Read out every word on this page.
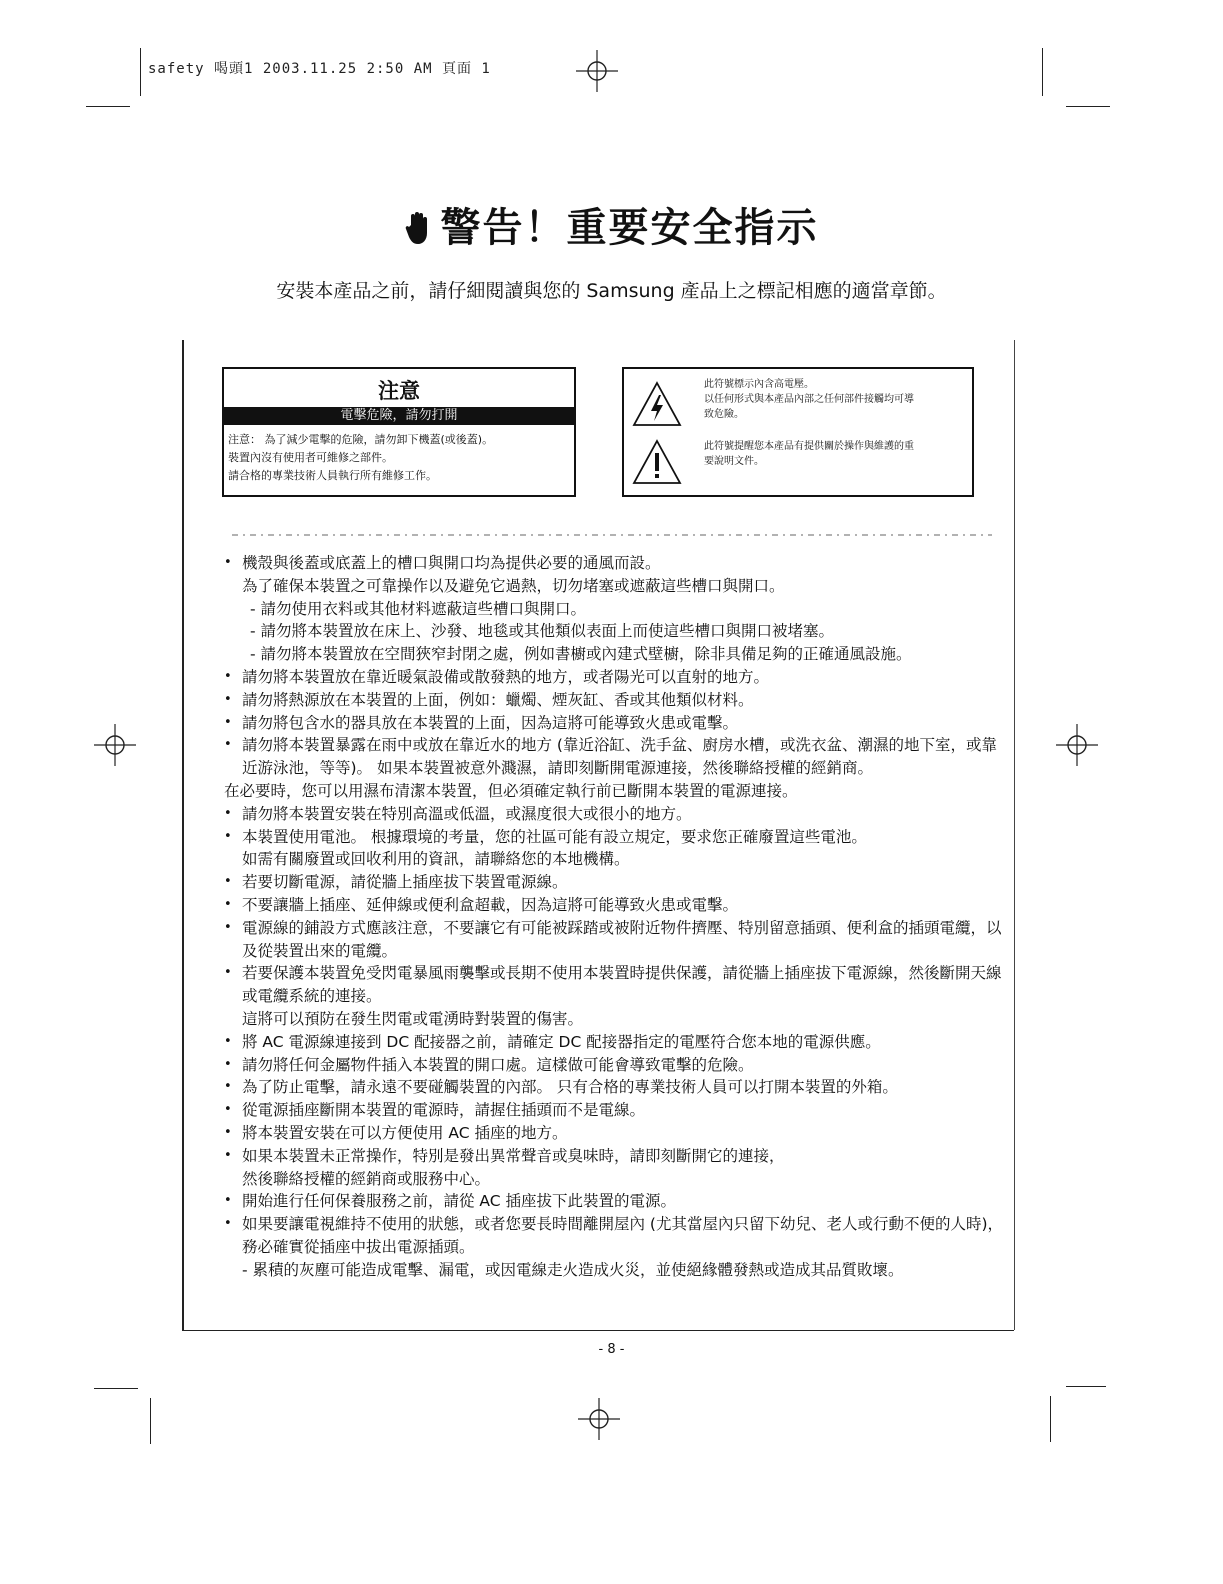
safety 喝頭1 2003.11.25 2:50 AM 頁面 1
警告！重要安全指示
安裝本產品之前，請仔細閱讀與您的 Samsung 產品上之標記相應的適當章節。
注意
電擊危險，請勿打開
注意： 為了減少電擊的危險，請勿卸下機蓋(或後蓋)。
裝置內沒有使用者可維修之部件。
請合格的專業技術人員執行所有維修工作。
此符號標示內含高電壓。
以任何形式與本產品內部之任何部件接觸均可導
致危險。
此符號提醒您本產品有提供關於操作與維護的重
要說明文件。
• 機殼與後蓋或底蓋上的槽口與開口均為提供必要的通風而設。
為了確保本裝置之可靠操作以及避免它過熱，切勿堵塞或遮蔽這些槽口與開口。
- 請勿使用衣料或其他材料遮蔽這些槽口與開口。
- 請勿將本裝置放在床上、沙發、地毯或其他類似表面上而使這些槽口與開口被堵塞。
- 請勿將本裝置放在空間狹窄封閉之處，例如書櫥或內建式壁櫥，除非具備足夠的正確通風設施。
• 請勿將本裝置放在靠近暖氣設備或散發熱的地方，或者陽光可以直射的地方。
• 請勿將熱源放在本裝置的上面，例如：蠟燭、煙灰缸、香或其他類似材料。
• 請勿將包含水的器具放在本裝置的上面，因為這將可能導致火患或電擊。
• 請勿將本裝置暴露在雨中或放在靠近水的地方 (靠近浴缸、洗手盆、廚房水槽，或洗衣盆、潮濕的地下室，或靠近游泳池，等等)。 如果本裝置被意外濺濕，請即刻斷開電源連接，然後聯絡授權的經銷商。
在必要時，您可以用濕布清潔本裝置，但必須確定執行前已斷開本裝置的電源連接。
• 請勿將本裝置安裝在特別高溫或低溫，或濕度很大或很小的地方。
• 本裝置使用電池。 根據環境的考量，您的社區可能有設立規定，要求您正確廢置這些電池。
如需有關廢置或回收利用的資訊，請聯絡您的本地機構。
• 若要切斷電源，請從牆上插座拔下裝置電源線。
• 不要讓牆上插座、延伸線或便利盒超載，因為這將可能導致火患或電擊。
• 電源線的鋪設方式應該注意，不要讓它有可能被踩踏或被附近物件擠壓、特別留意插頭、便利盒的插頭電纜，以及從裝置出來的電纜。
• 若要保護本裝置免受閃電暴風雨襲擊或長期不使用本裝置時提供保護，請從牆上插座拔下電源線，然後斷開天線或電纜系統的連接。
這將可以預防在發生閃電或電湧時對裝置的傷害。
• 將 AC 電源線連接到 DC 配接器之前，請確定 DC 配接器指定的電壓符合您本地的電源供應。
• 請勿將任何金屬物件插入本裝置的開口處。這樣做可能會導致電擊的危險。
• 為了防止電擊，請永遠不要碰觸裝置的內部。 只有合格的專業技術人員可以打開本裝置的外箱。
• 從電源插座斷開本裝置的電源時，請握住插頭而不是電線。
• 將本裝置安裝在可以方便使用 AC 插座的地方。
• 如果本裝置未正常操作，特別是發出異常聲音或臭味時，請即刻斷開它的連接，
然後聯絡授權的經銷商或服務中心。
• 開始進行任何保養服務之前，請從 AC 插座拔下此裝置的電源。
• 如果要讓電視維持不使用的狀態，或者您要長時間離開屋內 (尤其當屋內只留下幼兒、老人或行動不便的人時)，務必確實從插座中拔出電源插頭。
- 累積的灰塵可能造成電擊、漏電，或因電線走火造成火災，並使絕緣體發熱或造成其品質敗壞。
- 8 -
